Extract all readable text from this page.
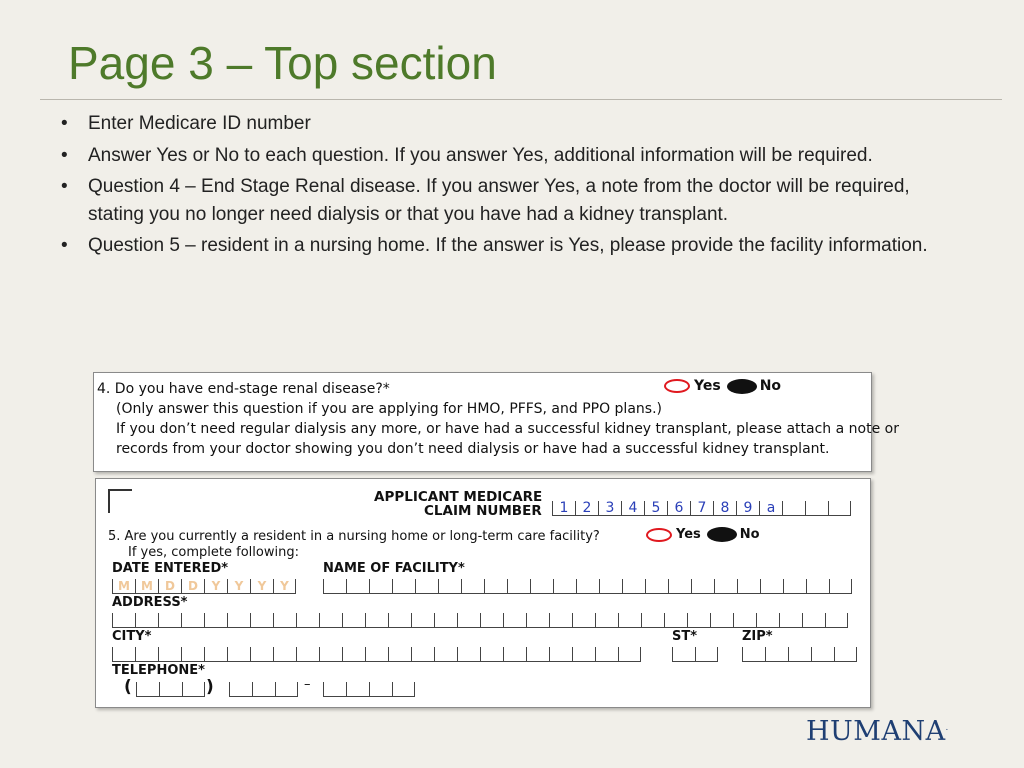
Page 3 – Top section
• Enter Medicare ID number
• Answer Yes or No to each question. If you answer Yes, additional information will be required.
• Question 4 – End Stage Renal disease. If you answer Yes, a note from the doctor will be required, stating you no longer need dialysis or that you have had a kidney transplant.
• Question 5 – resident in a nursing home. If the answer is Yes, please provide the facility information.
4. Do you have end-stage renal disease?*
(Only answer this question if you are applying for HMO, PFFS, and PPO plans.)
If you don’t need regular dialysis any more, or have had a successful kidney transplant, please attach a note or
records from your doctor showing you don’t need dialysis or have had a successful kidney transplant.
Yes	No
APPLICANT MEDICARE
CLAIM NUMBER	1	2	3	4	5	6	7	8	9	a
5. Are you currently a resident in a nursing home or long-term care facility?
If yes, complete following:
Yes	No
DATE ENTERED*	NAME OF FACILITY*
M M	D	D	Y	Y	Y	Y
ADDRESS*
CITY*	ST*	ZIP*
TELEPHONE*
(	)	–
HUMANA.
